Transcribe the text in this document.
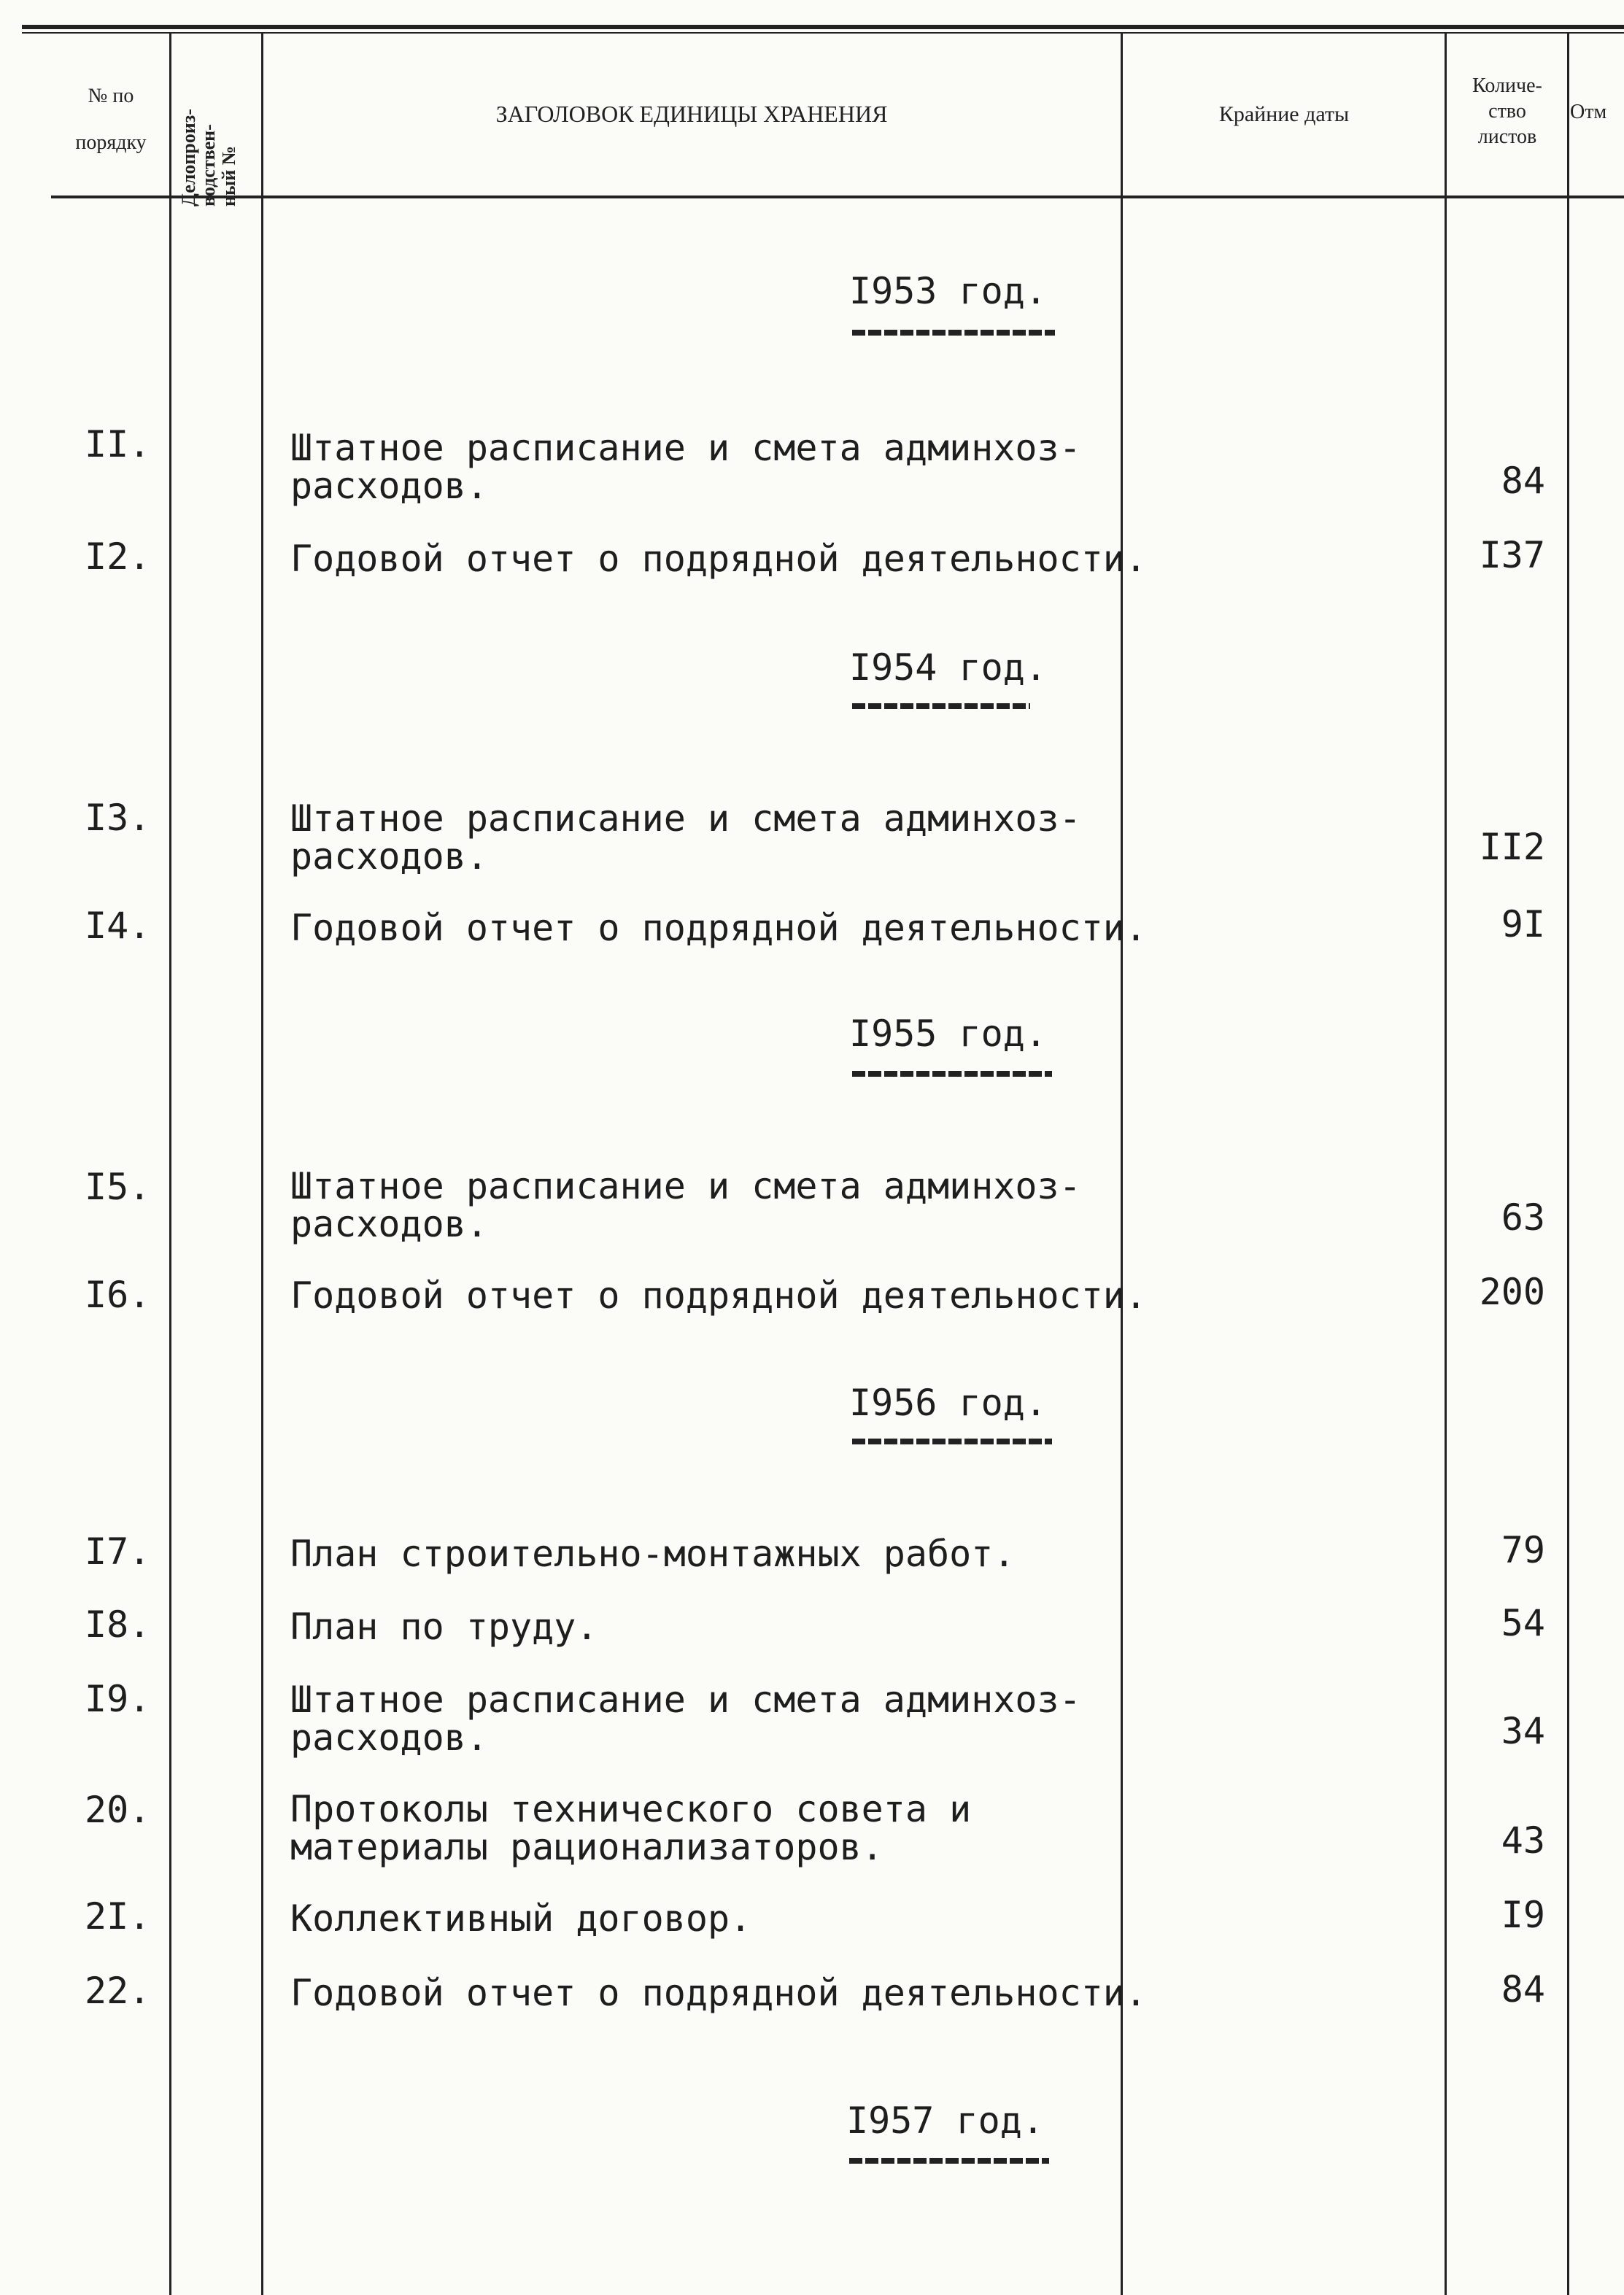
№ по
порядку	Делопроиз-
водствен-
ный №
ЗАГОЛОВОК ЕДИНИЦЫ ХРАНЕНИЯ	Крайние даты
Количе-
ство
листов
Отм
I953 год.
II.	Штатное расписание и смета админхоз-
расходов.	84
I2.	Годовой отчет о подрядной деятельности.	I37
I954 год.
I3.	Штатное расписание и смета админхоз-
расходов.	II2
I4.	Годовой отчет о подрядной деятельности.	9I
I955 год.
I5.	Штатное расписание и смета админхоз-
расходов.	63
I6.	Годовой отчет о подрядной деятельности.	200
I956 год.
I7.	План строительно-монтажных работ.	79
I8.	План по труду.	54
I9.	Штатное расписание и смета админхоз-
расходов.	34
20.	Протоколы технического совета и
материалы рационализаторов.	43
2I.	Коллективный договор.	I9
22.	Годовой отчет о подрядной деятельности.	84
I957 год.
